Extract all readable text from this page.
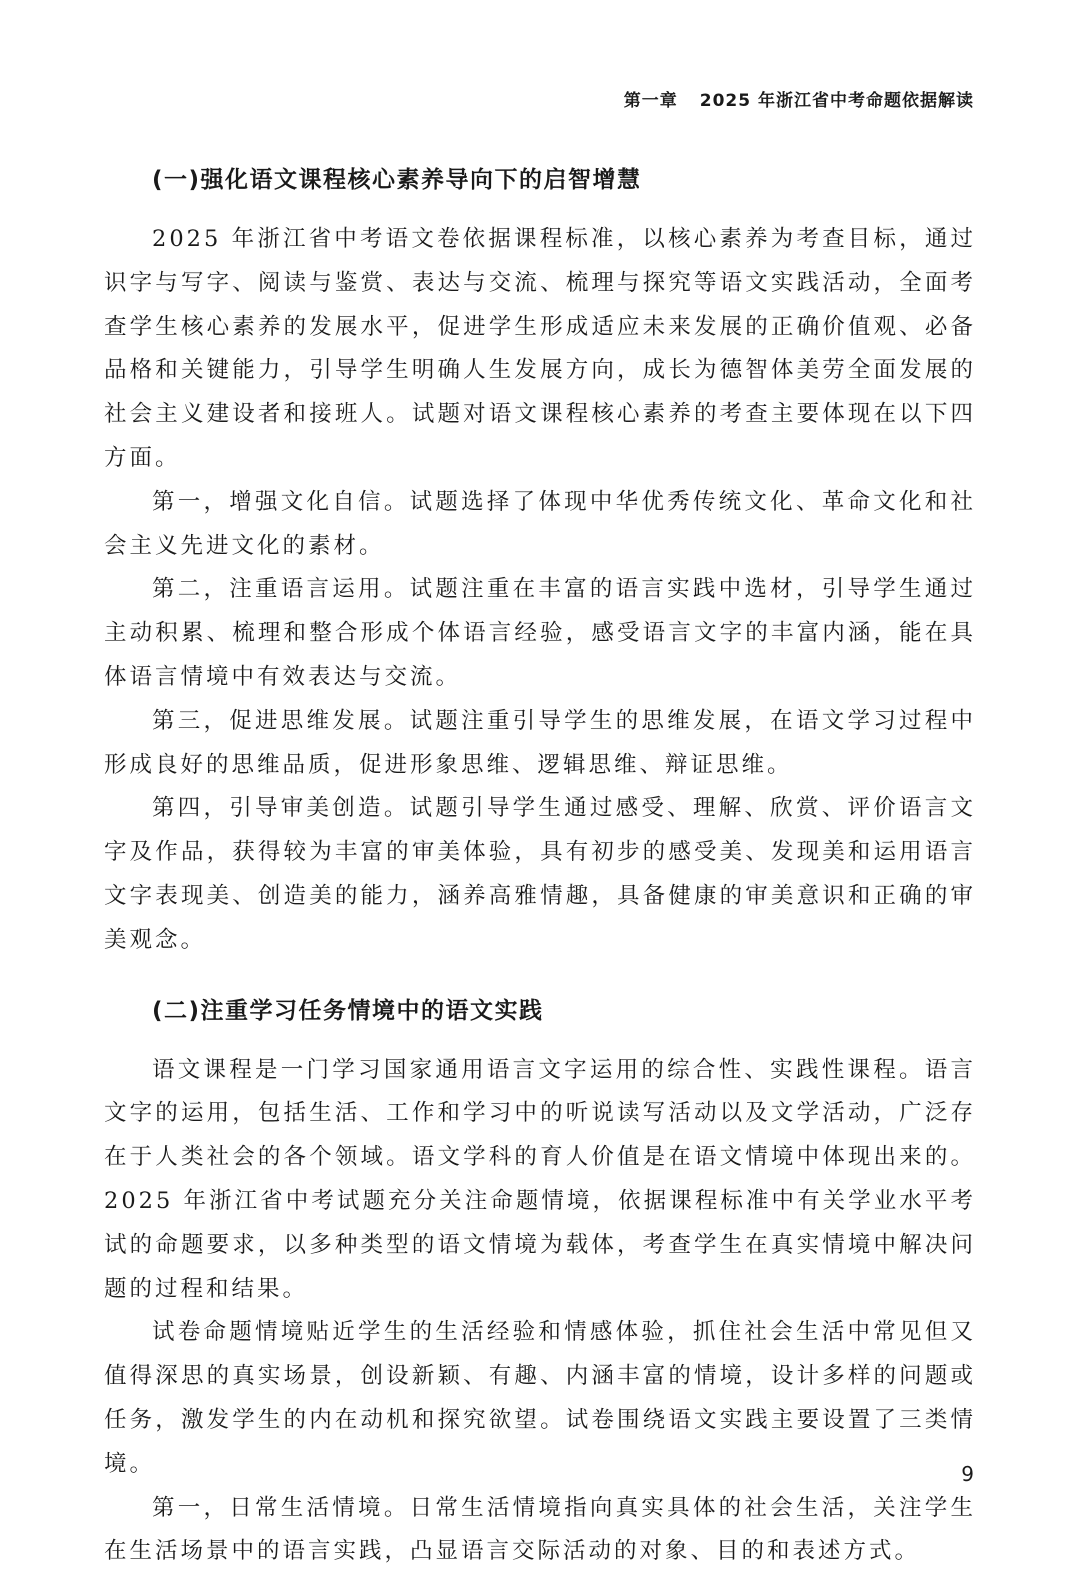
第一章 2025 年浙江省中考命题依据解读
(一)强化语文课程核心素养导向下的启智增慧

2025 年浙江省中考语文卷依据课程标准，以核心素养为考查目标，通过识字与写字、阅读与鉴赏、表达与交流、梳理与探究等语文实践活动，全面考查学生核心素养的发展水平，促进学生形成适应未来发展的正确价值观、必备品格和关键能力，引导学生明确人生发展方向，成长为德智体美劳全面发展的社会主义建设者和接班人。试题对语文课程核心素养的考查主要体现在以下四方面。

第一，增强文化自信。试题选择了体现中华优秀传统文化、革命文化和社会主义先进文化的素材。

第二，注重语言运用。试题注重在丰富的语言实践中选材，引导学生通过主动积累、梳理和整合形成个体语言经验，感受语言文字的丰富内涵，能在具体语言情境中有效表达与交流。

第三，促进思维发展。试题注重引导学生的思维发展，在语文学习过程中形成良好的思维品质，促进形象思维、逻辑思维、辩证思维。

第四，引导审美创造。试题引导学生通过感受、理解、欣赏、评价语言文字及作品，获得较为丰富的审美体验，具有初步的感受美、发现美和运用语言文字表现美、创造美的能力，涵养高雅情趣，具备健康的审美意识和正确的审美观念。

(二)注重学习任务情境中的语文实践

语文课程是一门学习国家通用语言文字运用的综合性、实践性课程。语言文字的运用，包括生活、工作和学习中的听说读写活动以及文学活动，广泛存在于人类社会的各个领域。语文学科的育人价值是在语文情境中体现出来的。2025 年浙江省中考试题充分关注命题情境，依据课程标准中有关学业水平考试的命题要求，以多种类型的语文情境为载体，考查学生在真实情境中解决问题的过程和结果。

试卷命题情境贴近学生的生活经验和情感体验，抓住社会生活中常见但又值得深思的真实场景，创设新颖、有趣、内涵丰富的情境，设计多样的问题或任务，激发学生的内在动机和探究欲望。试卷围绕语文实践主要设置了三类情境。

第一，日常生活情境。日常生活情境指向真实具体的社会生活，关注学生在生活场景中的语言实践，凸显语言交际活动的对象、目的和表述方式。

9
